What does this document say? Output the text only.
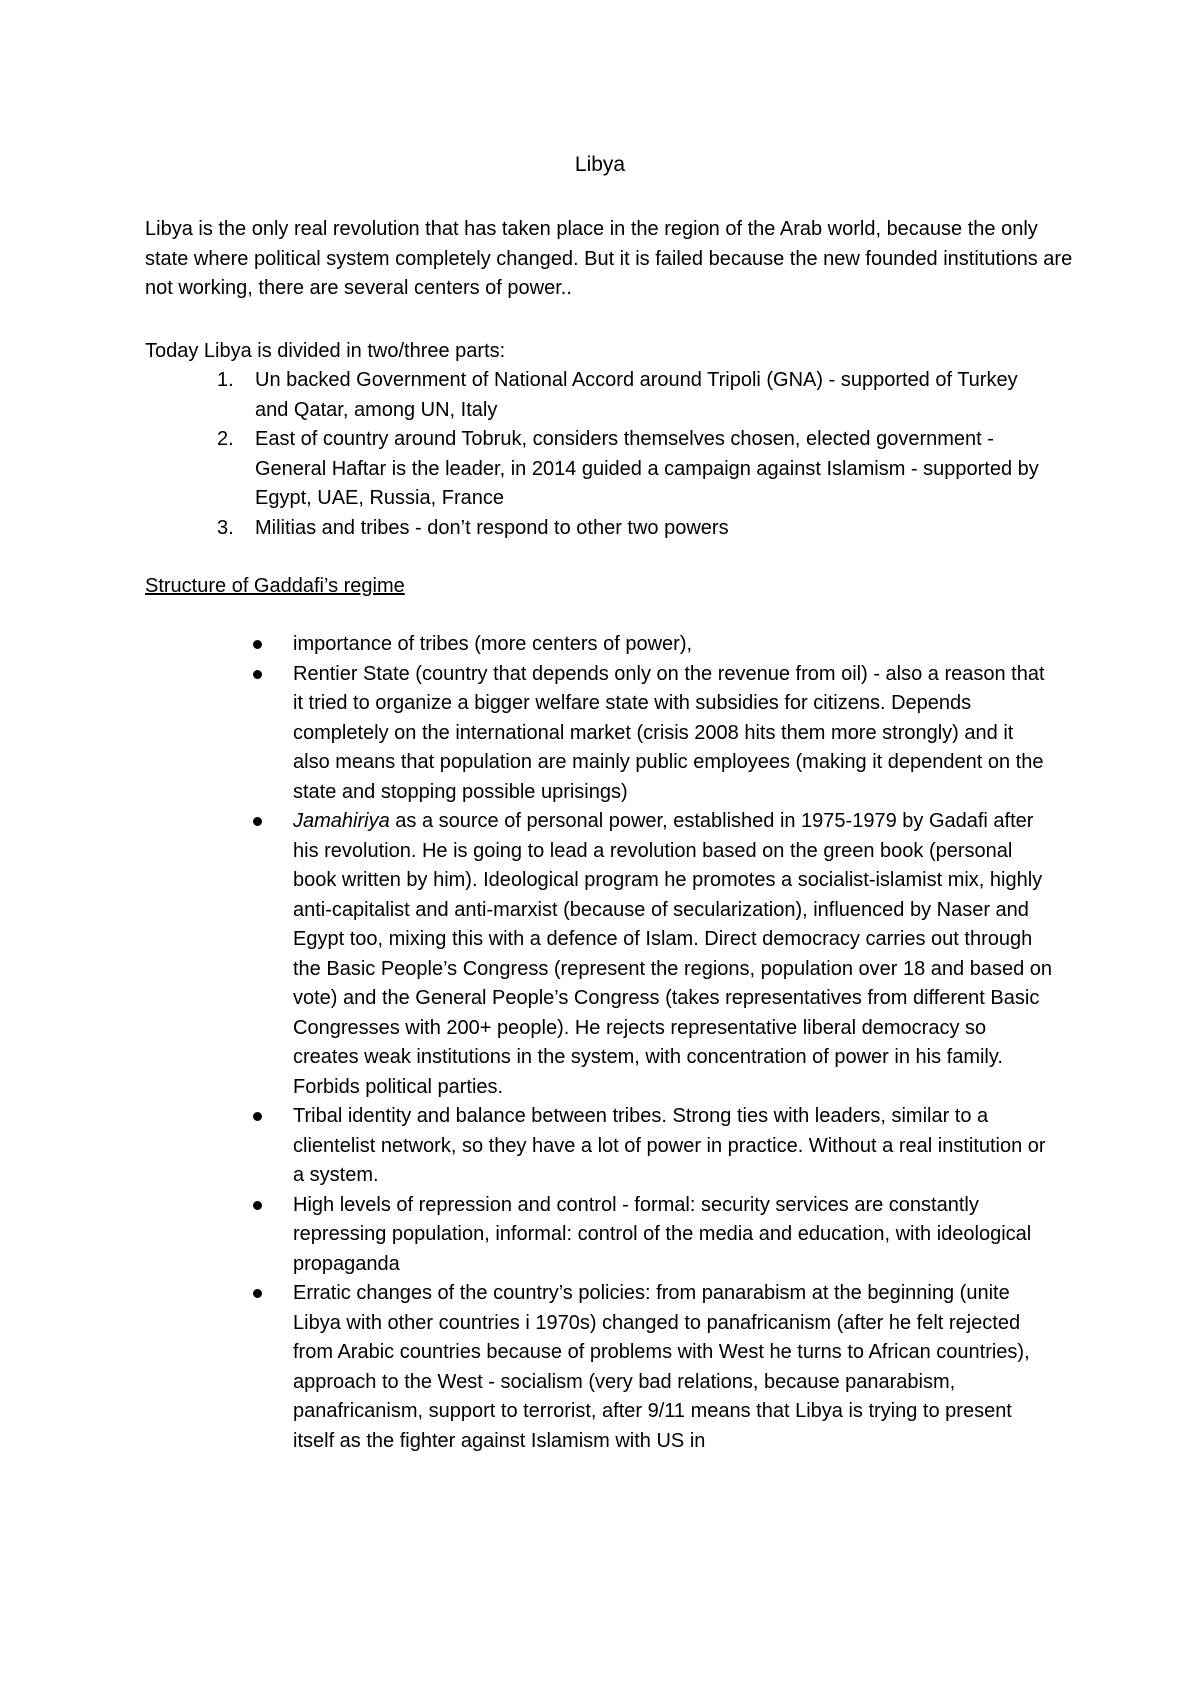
Libya
Libya is the only real revolution that has taken place in the region of the Arab world, because the only state where political system completely changed. But it is failed because the new founded institutions are not working, there are several centers of power..
Today Libya is divided in two/three parts:
1. Un backed Government of National Accord around Tripoli (GNA) - supported of Turkey and Qatar, among UN, Italy
2. East of country around Tobruk, considers themselves chosen, elected government - General Haftar is the leader, in 2014 guided a campaign against Islamism - supported by Egypt, UAE, Russia, France
3. Militias and tribes - don’t respond to other two powers
Structure of Gaddafi’s regime
importance of tribes (more centers of power),
Rentier State (country that depends only on the revenue from oil) - also a reason that it tried to organize a bigger welfare state with subsidies for citizens. Depends completely on the international market (crisis 2008 hits them more strongly) and it also means that population are mainly public employees (making it dependent on the state and stopping possible uprisings)
Jamahiriya as a source of personal power, established in 1975-1979 by Gadafi after his revolution. He is going to lead a revolution based on the green book (personal book written by him). Ideological program he promotes a socialist-islamist mix, highly anti-capitalist and anti-marxist (because of secularization), influenced by Naser and Egypt too, mixing this with a defence of Islam. Direct democracy carries out through the Basic People’s Congress (represent the regions, population over 18 and based on vote) and the General People’s Congress (takes representatives from different Basic Congresses with 200+ people). He rejects representative liberal democracy so creates weak institutions in the system, with concentration of power in his family. Forbids political parties.
Tribal identity and balance between tribes. Strong ties with leaders, similar to a clientelist network, so they have a lot of power in practice. Without a real institution or a system.
High levels of repression and control - formal: security services are constantly repressing population, informal: control of the media and education, with ideological propaganda
Erratic changes of the country’s policies: from panarabism at the beginning (unite Libya with other countries i 1970s) changed to panafricanism (after he felt rejected from Arabic countries because of problems with West he turns to African countries), approach to the West - socialism (very bad relations, because panarabism, panafricanism, support to terrorist, after 9/11 means that Libya is trying to present itself as the fighter against Islamism with US in
